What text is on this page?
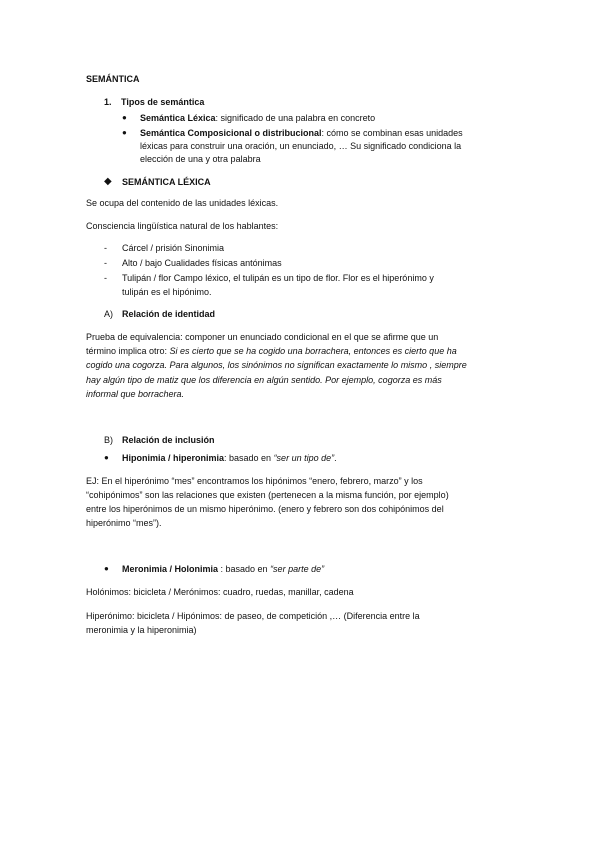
SEMÁNTICA
1. Tipos de semántica
● Semántica Léxica: significado de una palabra en concreto
● Semántica Composicional o distribucional: cómo se combinan esas unidades
léxicas para construir una oración, un enunciado, … Su significado condiciona la
elección de una y otra palabra
◆ SEMÁNTICA LÉXICA
Se ocupa del contenido de las unidades léxicas.
Consciencia lingüística natural de los hablantes:
- Cárcel / prisión Sinonimia
- Alto / bajo Cualidades físicas antónimas
- Tulipán / flor Campo léxico, el tulipán es un tipo de flor. Flor es el hiperónimo y
tulipán es el hipónimo.
A) Relación de identidad
Prueba de equivalencia: componer un enunciado condicional en el que se afirme que un
término implica otro: Si es cierto que se ha cogido una borrachera, entonces es cierto que ha
cogido una cogorza. Para algunos, los sinónimos no significan exactamente lo mismo , siempre
hay algún tipo de matiz que los diferencia en algún sentido. Por ejemplo, cogorza es más
informal que borrachera.
B) Relación de inclusión
● Hiponimia / hiperonimia: basado en “ser un tipo de”.
EJ: En el hiperónimo “mes” encontramos los hipónimos “enero, febrero, marzo” y los
“cohipónimos” son las relaciones que existen (pertenecen a la misma función, por ejemplo)
entre los hiperónimos de un mismo hiperónimo. (enero y febrero son dos cohipónimos del
hiperónimo “mes”).
● Meronimia / Holonimia : basado en “ser parte de”
Holónimos: bicicleta / Merónimos: cuadro, ruedas, manillar, cadena
Hiperónimo: bicicleta / Hipónimos: de paseo, de competición ,… (Diferencia entre la
meronimia y la hiperonimia)
